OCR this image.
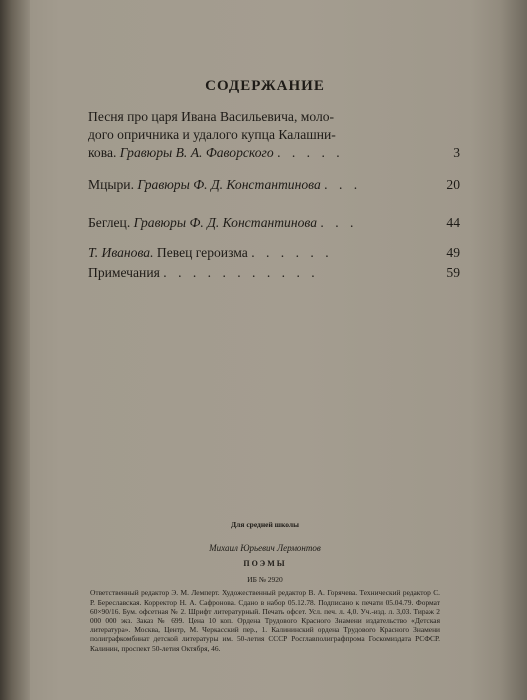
СОДЕРЖАНИЕ
Песня про царя Ивана Васильевича, моло-
дого опричника и удалого купца Калашни-
кова. Гравюры В. А. Фаворского . . . . .	3
Мцыри. Гравюры Ф. Д. Константинова . . .	20
Беглец. Гравюры Ф. Д. Константинова . . .	44
Т. Иванова. Певец героизма . . . . . .	49
Примечания . . . . . . . . . . .	59
Для средней школы
Михаил Юрьевич Лермонтов
ПОЭМЫ
ИБ № 2920
Ответственный редактор Э. М. Лемперт. Художественный редактор В. А. Горячева. Технический редактор С. Р. Береславская. Корректор Н. А. Сафронова. Сдано в набор 05.12.78. Подписано к печати 05.04.79. Формат 60×90/16. Бум. офсетная № 2. Шрифт литературный. Печать офсет. Усл. печ. л. 4,0. Уч.-изд. л. 3,03. Тираж 2 000 000 экз. Заказ № 699. Цена 10 коп. Ордена Трудового Красного Знамени издательство «Детская литература». Москва, Центр, М. Черкасский пер., 1. Калининский ордена Трудового Красного Знамени полиграфкомбинат детской литературы им. 50-летия СССР Росглавполиграфпрома Госкомиздата РСФСР. Калинин, проспект 50-летия Октября, 46.
